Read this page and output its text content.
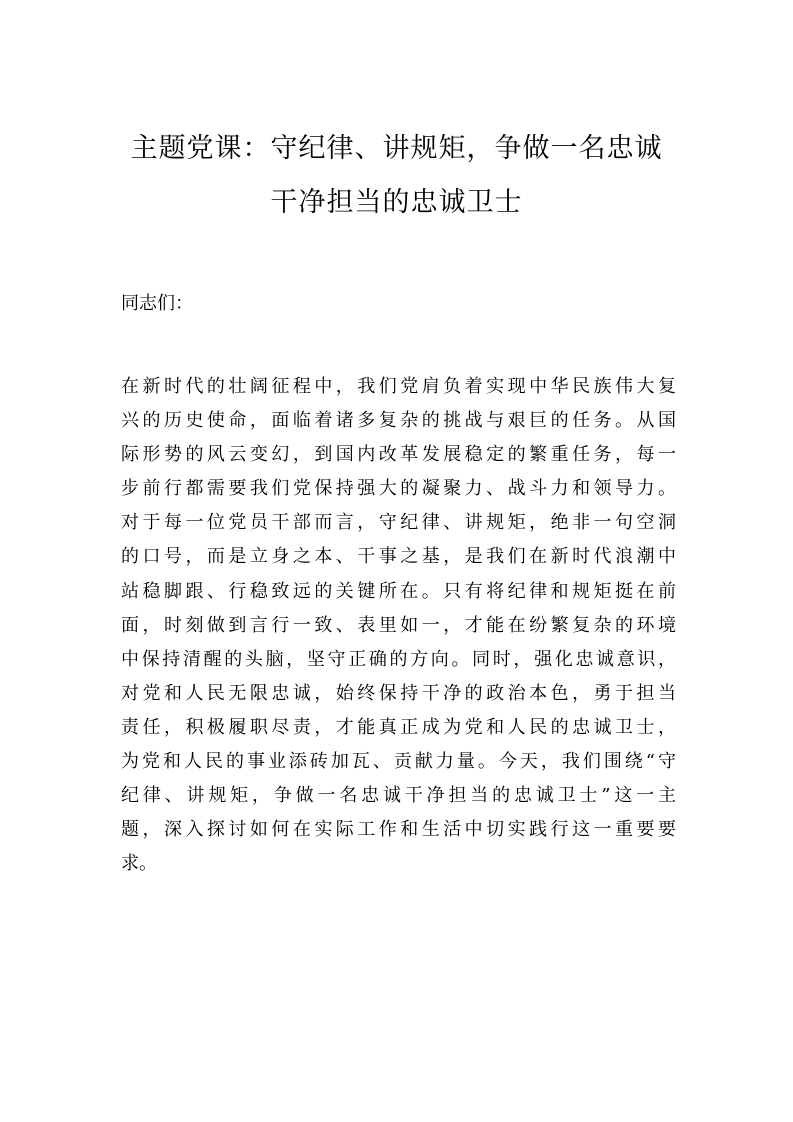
主题党课：守纪律、讲规矩，争做一名忠诚
干净担当的忠诚卫士

同志们：

在新时代的壮阔征程中，我们党肩负着实现中华民族伟大复
兴的历史使命，面临着诸多复杂的挑战与艰巨的任务。从国
际形势的风云变幻，到国内改革发展稳定的繁重任务，每一
步前行都需要我们党保持强大的凝聚力、战斗力和领导力。
对于每一位党员干部而言，守纪律、讲规矩，绝非一句空洞
的口号，而是立身之本、干事之基，是我们在新时代浪潮中
站稳脚跟、行稳致远的关键所在。只有将纪律和规矩挺在前
面，时刻做到言行一致、表里如一，才能在纷繁复杂的环境
中保持清醒的头脑，坚守正确的方向。同时，强化忠诚意识，
对党和人民无限忠诚，始终保持干净的政治本色，勇于担当
责任，积极履职尽责，才能真正成为党和人民的忠诚卫士，
为党和人民的事业添砖加瓦、贡献力量。今天，我们围绕“守
纪律、讲规矩，争做一名忠诚干净担当的忠诚卫士”这一主
题，深入探讨如何在实际工作和生活中切实践行这一重要要
求。
